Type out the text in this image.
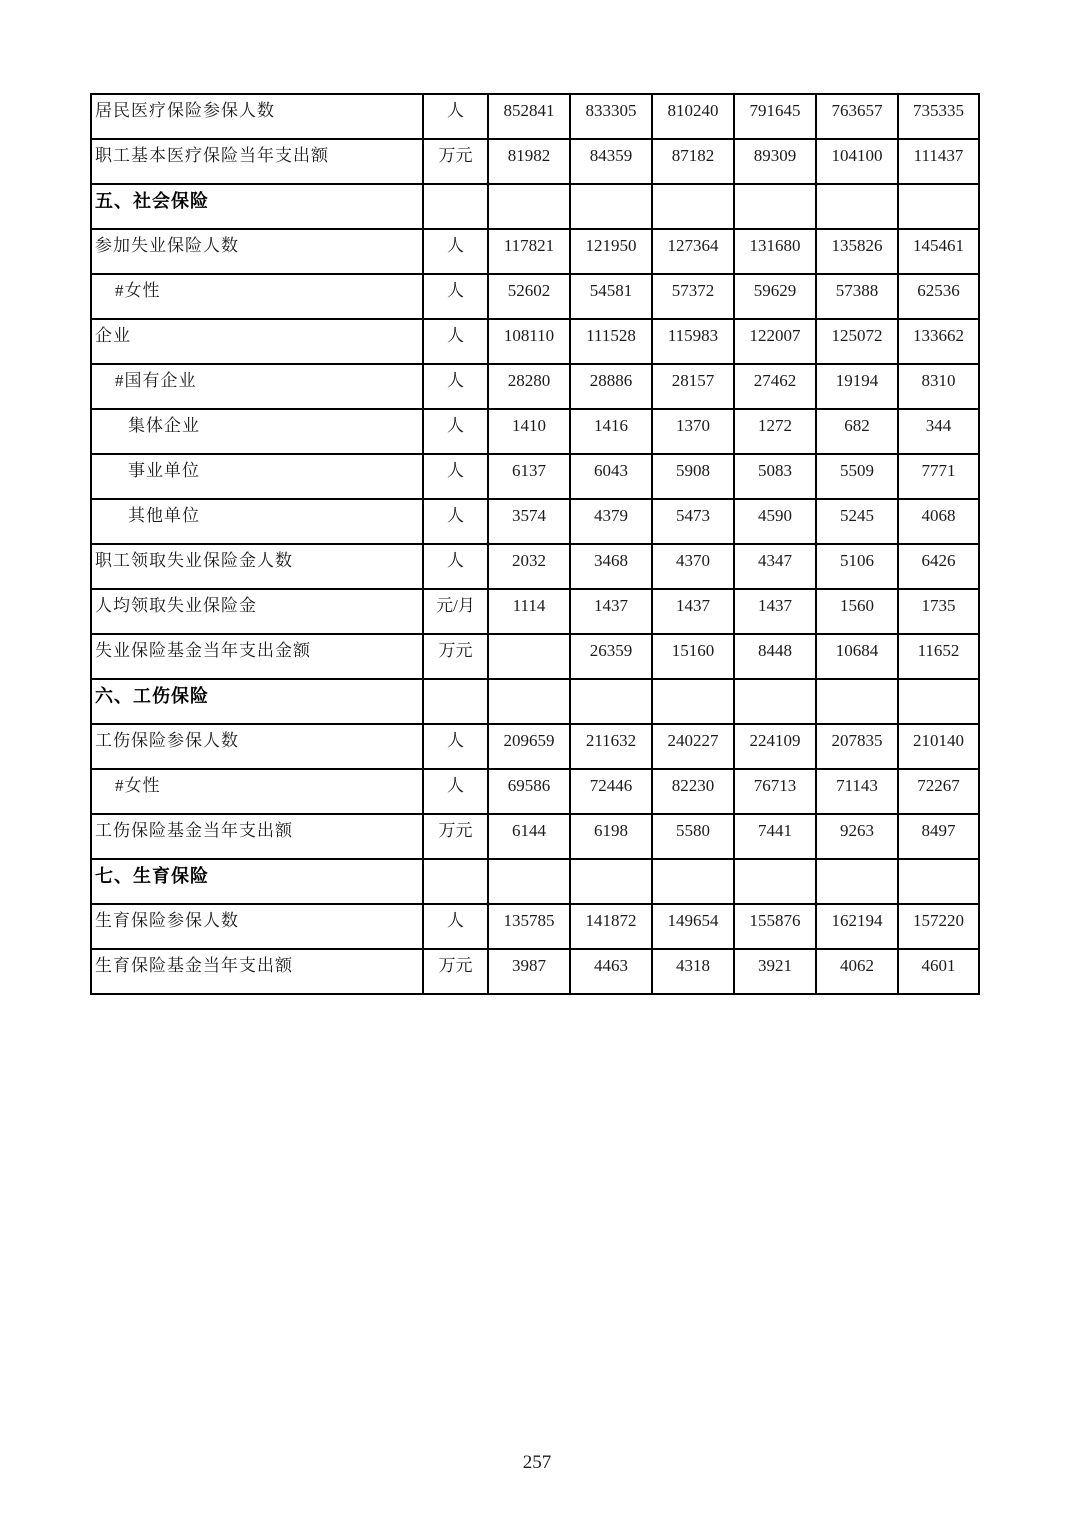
居民医疗保险参保人数	人	852841	833305	810240	791645	763657	735335
职工基本医疗保险当年支出额	万元	81982	84359	87182	89309	104100	111437
五、社会保险							
参加失业保险人数	人	117821	121950	127364	131680	135826	145461
#女性	人	52602	54581	57372	59629	57388	62536
企业	人	108110	111528	115983	122007	125072	133662
#国有企业	人	28280	28886	28157	27462	19194	8310
集体企业	人	1410	1416	1370	1272	682	344
事业单位	人	6137	6043	5908	5083	5509	7771
其他单位	人	3574	4379	5473	4590	5245	4068
职工领取失业保险金人数	人	2032	3468	4370	4347	5106	6426
人均领取失业保险金	元/月	1114	1437	1437	1437	1560	1735
失业保险基金当年支出金额	万元		26359	15160	8448	10684	11652
六、工伤保险							
工伤保险参保人数	人	209659	211632	240227	224109	207835	210140
#女性	人	69586	72446	82230	76713	71143	72267
工伤保险基金当年支出额	万元	6144	6198	5580	7441	9263	8497
七、生育保险							
生育保险参保人数	人	135785	141872	149654	155876	162194	157220
生育保险基金当年支出额	万元	3987	4463	4318	3921	4062	4601
257
